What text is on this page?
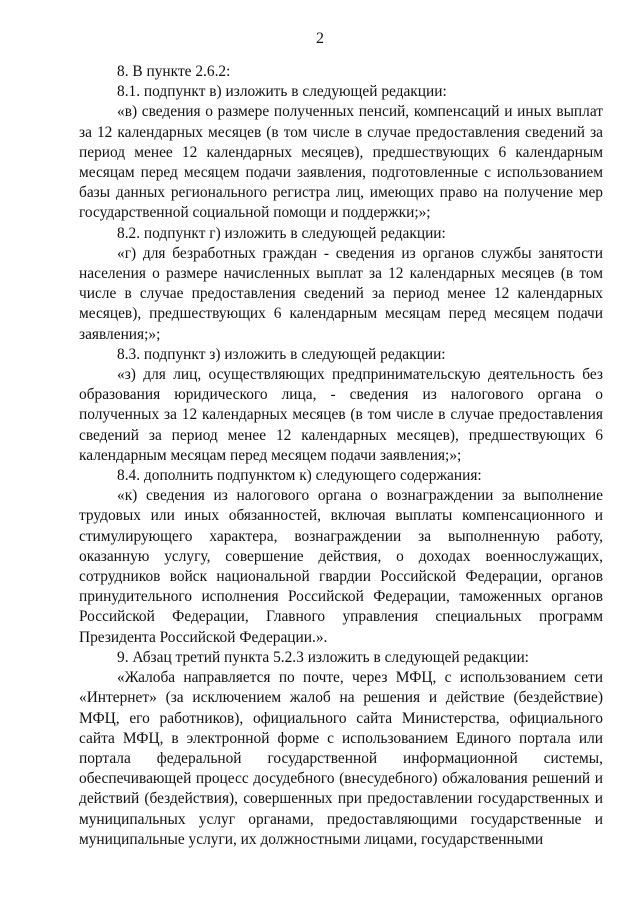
2

8. В пункте 2.6.2:

8.1. подпункт в) изложить в следующей редакции:

«в) сведения о размере полученных пенсий, компенсаций и иных выплат за 12 календарных месяцев (в том числе в случае предоставления сведений за период менее 12 календарных месяцев), предшествующих 6 календарным месяцам перед месяцем подачи заявления, подготовленные с использованием базы данных регионального регистра лиц, имеющих право на получение мер государственной социальной помощи и поддержки;»;

8.2. подпункт г) изложить в следующей редакции:

«г) для безработных граждан - сведения из органов службы занятости населения о размере начисленных выплат за 12 календарных месяцев (в том числе в случае предоставления сведений за период менее 12 календарных месяцев), предшествующих 6 календарным месяцам перед месяцем подачи заявления;»;

8.3. подпункт з) изложить в следующей редакции:

«з) для лиц, осуществляющих предпринимательскую деятельность без образования юридического лица, - сведения из налогового органа о полученных за 12 календарных месяцев (в том числе в случае предоставления сведений за период менее 12 календарных месяцев), предшествующих 6 календарным месяцам перед месяцем подачи заявления;»;

8.4. дополнить подпунктом к) следующего содержания:

«к) сведения из налогового органа о вознаграждении за выполнение трудовых или иных обязанностей, включая выплаты компенсационного и стимулирующего характера, вознаграждении за выполненную работу, оказанную услугу, совершение действия, о доходах военнослужащих, сотрудников войск национальной гвардии Российской Федерации, органов принудительного исполнения Российской Федерации, таможенных органов Российской Федерации, Главного управления специальных программ Президента Российской Федерации.».

9. Абзац третий пункта 5.2.3 изложить в следующей редакции:

«Жалоба направляется по почте, через МФЦ, с использованием сети «Интернет» (за исключением жалоб на решения и действие (бездействие) МФЦ, его работников), официального сайта Министерства, официального сайта МФЦ, в электронной форме с использованием Единого портала или портала федеральной государственной информационной системы, обеспечивающей процесс досудебного (внесудебного) обжалования решений и действий (бездействия), совершенных при предоставлении государственных и муниципальных услуг органами, предоставляющими государственные и муниципальные услуги, их должностными лицами, государственными
